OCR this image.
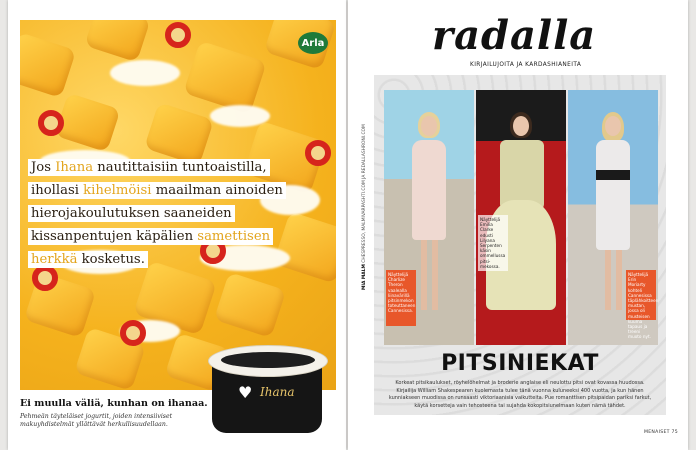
Arla
Jos Ihana nautittaisiin tuntoaistilla,
ihollasi kihelmöisi maailman ainoiden
hierojakoulutuksen saaneiden
kissanpentujen käpälien samettisen
herkkä kosketus.
♥ Ihana
Ei muulla väliä, kunhan on ihanaa.
Pehmeän täyteläiset jogurtit, joiden intensiiviset makuyhdistelmät yllättävät herkullisuudellaan.
radalla
KIRJAILUJOITA JA KARDASHIANEITA
MIA MALM CHESPRESSO, MALMIVARPASHTI.COM JA REDALLASHRONI.COM
Näyttelijä Charlize Theron vaalealla liinavärillä pitsinmekon toteuttaneen Cannesissa.
Näyttelijä Emilia Clarke edusti Lilyana Serpenten käsin ommellussa pitsi-mekossa.
Näyttelijä Erin Moriarty kohteli Cannesissa täplähkoitteen mustan, jossa oli musteisen kuuma tapaus ja treeni muoto nyt.
PITSINIEKAT
Korkeat pitsikaulukset, röyhelöhelmat ja broderie anglaise eli neulottu pitsi ovat kovassa huudossa. Kirjailija William Shakespearen kuolemasta tulee tänä vuonna kuluneeksi 400 vuotta, ja kun hänen kunniakseen muodissa on runsaasti viktoriaanisia vaikutteita. Pue romanttisen pitsipaidan pariksi farkut, käytä korsetteja vain tehosteena tai sujahda kokopitsiunelmaan kuten nämä tähdet.
MENAISET 75
